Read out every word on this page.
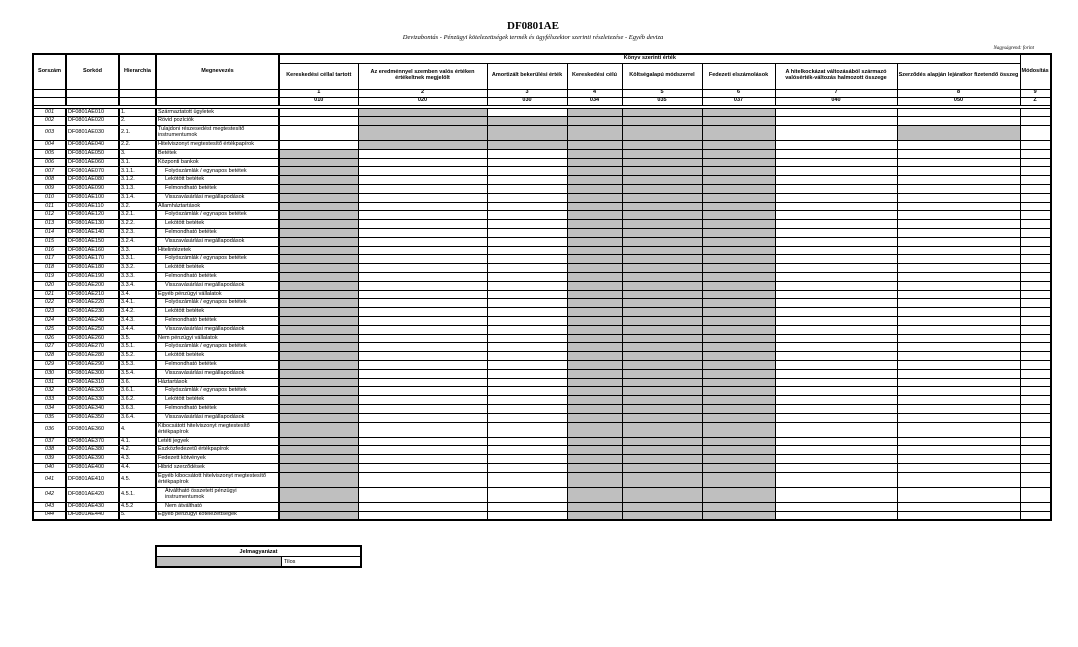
DF0801AE
Devizabontás - Pénzügyi kötelezettségek termék és ügyfélszektor szerinti részletezése - Egyéb deviza
Nagyságrend: forint
Sorszám	Sorkód	Hierarchia	Megnevezés	Könyv szerinti érték								Módosítás
				Kereskedési céllal tartott	Az eredménnyel szemben valós értéken értékeltnek megjelölt	Amortizált bekerülési érték	Kereskedési célú	Költségalapú módszerrel	Fedezeti elszámolások	A hitelkockázat változásából származó valósérték-változás halmozott összege	Szerződés alapján lejáratkor fizetendő összeg	
				1	2	3	4	5	6	7	8	9
				010	020	030	034	035	037	040	050	Z

001	DF0801AE010	1.	Származtatott ügyletek									
002	DF0801AE020	2.	Rövid pozíciók									
003	DF0801AE030	2.1.	Tulajdoni részesedést megtestesítő instrumentumok									
004	DF0801AE040	2.2.	Hitelviszonyt megtestesítő értékpapírok									
005	DF0801AE050	3.	Betétek									
006	DF0801AE060	3.1.	Központi bankok									
007	DF0801AE070	3.1.1.	Folyószámlák / egynapos betétek									
008	DF0801AE080	3.1.2.	Lekötött betétek									
009	DF0801AE090	3.1.3.	Felmondható betétek									
010	DF0801AE100	3.1.4.	Visszavásárlási megállapodások									
011	DF0801AE110	3.2.	Államháztartások									
012	DF0801AE120	3.2.1.	Folyószámlák / egynapos betétek									
013	DF0801AE130	3.2.2.	Lekötött betétek									
014	DF0801AE140	3.2.3.	Felmondható betétek									
015	DF0801AE150	3.2.4.	Visszavásárlási megállapodások									
016	DF0801AE160	3.3.	Hitelintézetek									
017	DF0801AE170	3.3.1.	Folyószámlák / egynapos betétek									
018	DF0801AE180	3.3.2.	Lekötött betétek									
019	DF0801AE190	3.3.3.	Felmondható betétek									
020	DF0801AE200	3.3.4.	Visszavásárlási megállapodások									
021	DF0801AE210	3.4.	Egyéb pénzügyi vállalatok									
022	DF0801AE220	3.4.1.	Folyószámlák / egynapos betétek									
023	DF0801AE230	3.4.2.	Lekötött betétek									
024	DF0801AE240	3.4.3.	Felmondható betétek									
025	DF0801AE250	3.4.4.	Visszavásárlási megállapodások									
026	DF0801AE260	3.5.	Nem pénzügyi vállalatok									
027	DF0801AE270	3.5.1.	Folyószámlák / egynapos betétek									
028	DF0801AE280	3.5.2.	Lekötött betétek									
029	DF0801AE290	3.5.3.	Felmondható betétek									
030	DF0801AE300	3.5.4.	Visszavásárlási megállapodások									
031	DF0801AE310	3.6.	Háztartások									
032	DF0801AE320	3.6.1.	Folyószámlák / egynapos betétek									
033	DF0801AE330	3.6.2.	Lekötött betétek									
034	DF0801AE340	3.6.3.	Felmondható betétek									
035	DF0801AE350	3.6.4.	Visszavásárlási megállapodások									
036	DF0801AE360	4.	Kibocsátott hitelviszonyt megtestesítő értékpapírok									
037	DF0801AE370	4.1.	Letéti jegyek									
038	DF0801AE380	4.2.	Eszközfedezetű értékpapírok									
039	DF0801AE390	4.3.	Fedezett kötvények									
040	DF0801AE400	4.4.	Hibrid szerződések									
041	DF0801AE410	4.5.	Egyéb kibocsátott hitelviszonyt megtestesítő értékpapírok									
042	DF0801AE420	4.5.1.	Átváltható összetett pénzügyi instrumentumok									
043	DF0801AE430	4.5.2	Nem átváltható									
044	DF0801AE440	5.	Egyéb pénzügyi kötelezettségek									
Jelmagyarázat
	Tilos
